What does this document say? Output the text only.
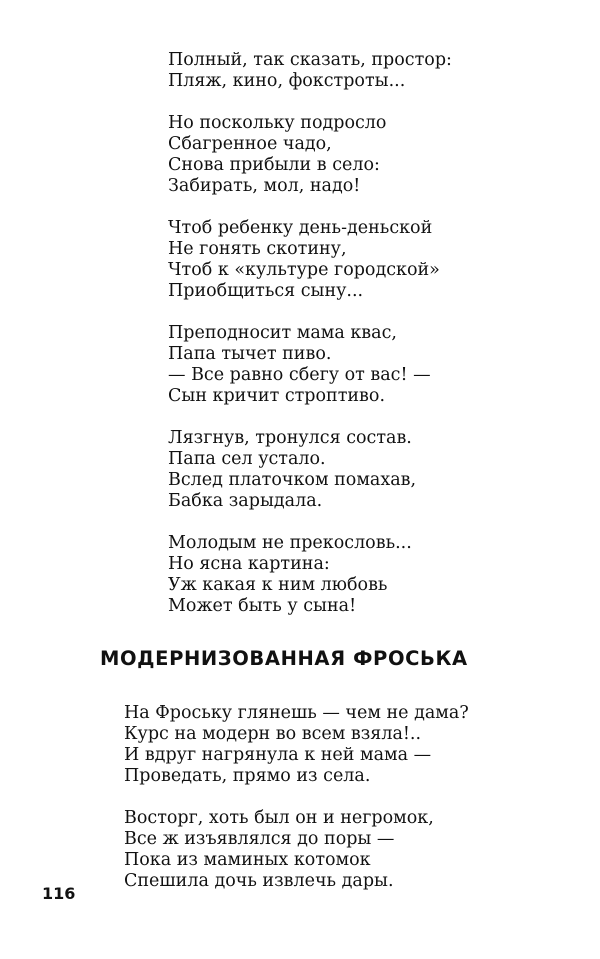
Полный, так сказать, простор:
Пляж, кино, фокстроты...
Но поскольку подросло
Сбагренное чадо,
Снова прибыли в село:
Забирать, мол, надо!
Чтоб ребенку день-деньской
Не гонять скотину,
Чтоб к «культуре городской»
Приобщиться сыну...
Преподносит мама квас,
Папа тычет пиво.
— Все равно сбегу от вас! —
Сын кричит строптиво.
Лязгнув, тронулся состав.
Папа сел устало.
Вслед платочком помахав,
Бабка зарыдала.
Молодым не прекословь...
Но ясна картина:
Уж какая к ним любовь
Может быть у сына!
МОДЕРНИЗОВАННАЯ ФРОСЬКА
На Фроську глянешь — чем не дама?
Курс на модерн во всем взяла!..
И вдруг нагрянула к ней мама —
Проведать, прямо из села.
Восторг, хоть был он и негромок,
Все ж изъявлялся до поры —
Пока из маминых котомок
Спешила дочь извлечь дары.
116
